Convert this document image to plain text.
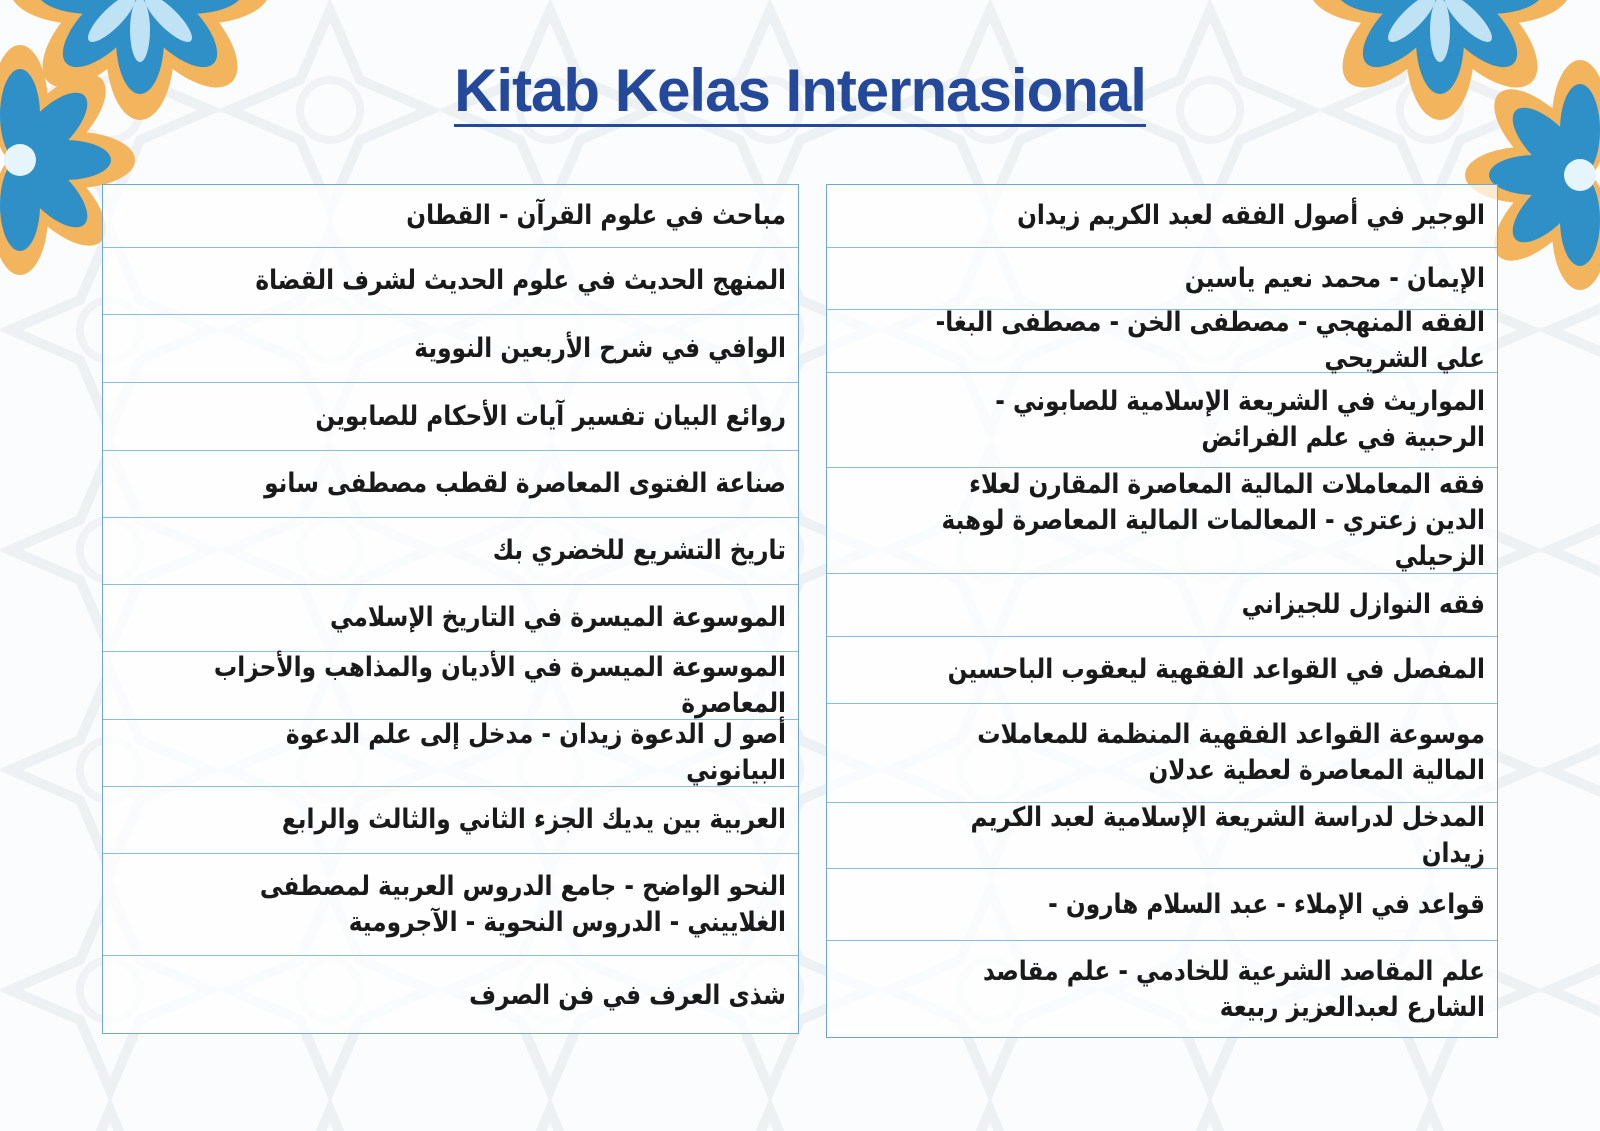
Kitab Kelas Internasional
مباحث في علوم القرآن - القطان
المنهج الحديث في علوم الحديث لشرف القضاة
الوافي في شرح الأربعين النووية
روائع البيان تفسير آيات الأحكام للصابوين
صناعة الفتوى المعاصرة لقطب مصطفى سانو
تاريخ التشريع للخضري بك
الموسوعة الميسرة في التاريخ الإسلامي
الموسوعة الميسرة في الأديان والمذاهب والأحزاب المعاصرة
أصو ل الدعوة زيدان - مدخل إلى علم الدعوة البيانوني
العربية بين يديك الجزء الثاني والثالث والرابع
النحو الواضح - جامع الدروس العربية لمصطفى الغلاييني - الدروس النحوية - الآجرومية
شذى العرف في فن الصرف
الوجير في أصول الفقه لعبد الكريم زيدان
الإيمان - محمد نعيم ياسين
الفقه المنهجي - مصطفى الخن - مصطفى البغا- علي الشريحي
المواريث في الشريعة الإسلامية للصابوني - الرحبية في علم الفرائض
فقه المعاملات المالية المعاصرة المقارن لعلاء الدين زعتري - المعالمات المالية المعاصرة لوهبة الزحيلي
فقه النوازل للجيزاني
المفصل في القواعد الفقهية ليعقوب الباحسين
موسوعة القواعد الفقهية المنظمة للمعاملات المالية المعاصرة لعطية عدلان
المدخل لدراسة الشريعة الإسلامية لعبد الكريم زيدان
قواعد في الإملاء - عبد السلام هارون -
علم المقاصد الشرعية للخادمي - علم مقاصد الشارع لعبدالعزيز ربيعة
